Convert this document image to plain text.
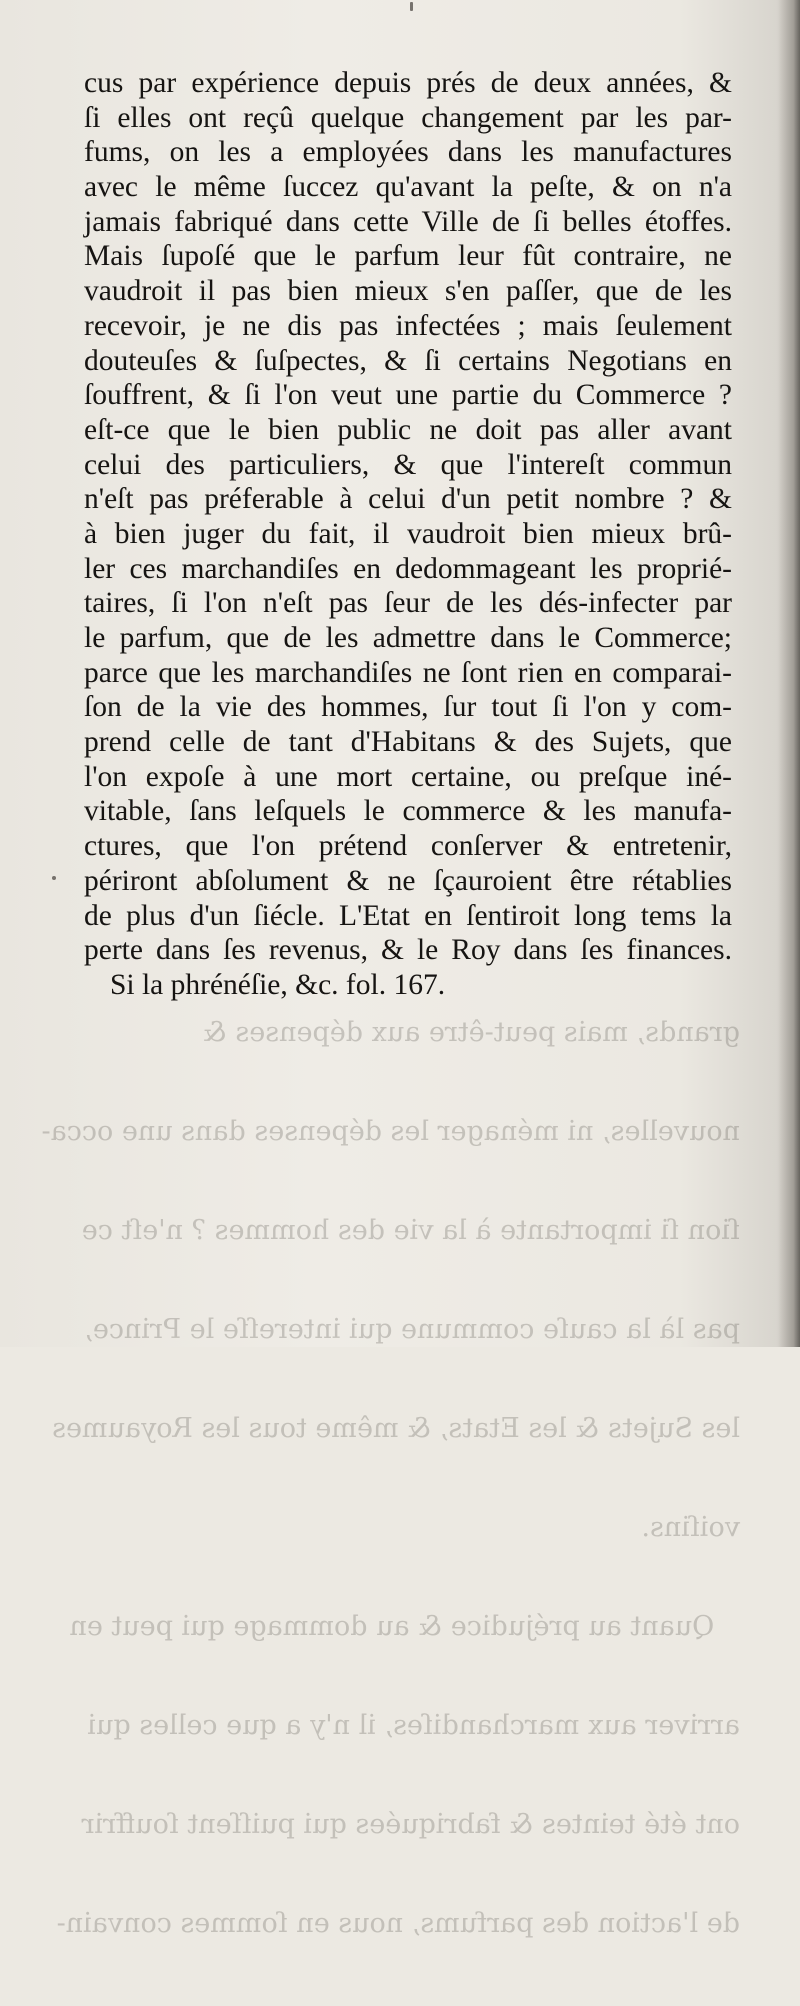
grands, mais peut-être aux dépenses &

nouvelles, ni ménager les dépenses dans une occa-

ſion ſi importante à la vie des hommes ? n'eſt ce

pas là la cauſe commune qui intereſſe le Prince,

les Sujets & les Etats, & même tous les Royaumes

voiſins.

Quant au préjudice & au dommage qui peut en

arriver aux marchandiſes, il n'y a que celles qui

ont été teintes & fabriquées qui puiſſent ſouffrir

de l'action des parfums, nous en ſommes convain-

cus par expérience depuis prés de deux années, &
ſi elles ont reçû quelque changement par les par-
fums, on les a employées dans les manufactures
avec le même ſuccez qu'avant la peſte, & on n'a
jamais fabriqué dans cette Ville de ſi belles étoffes.
Mais ſupoſé que le parfum leur fût contraire, ne
vaudroit il pas bien mieux s'en paſſer, que de les
recevoir, je ne dis pas infectées ; mais ſeulement
douteuſes & ſuſpectes, & ſi certains Negotians en
ſouffrent, & ſi l'on veut une partie du Commerce ?
eſt-ce que le bien public ne doit pas aller avant
celui des particuliers, & que l'intereſt commun
n'eſt pas préferable à celui d'un petit nombre ? &
à bien juger du fait, il vaudroit bien mieux brû-
ler ces marchandiſes en dedommageant les proprié-
taires, ſi l'on n'eſt pas ſeur de les dés-infecter par
le parfum, que de les admettre dans le Commerce;
parce que les marchandiſes ne ſont rien en comparai-
ſon de la vie des hommes, ſur tout ſi l'on y com-
prend celle de tant d'Habitans & des Sujets, que
l'on expoſe à une mort certaine, ou preſque iné-
vitable, ſans leſquels le commerce & les manufa-
ctures, que l'on prétend conſerver & entretenir,
périront abſolument & ne ſçauroient être rétablies
de plus d'un ſiécle. L'Etat en ſentiroit long tems la
perte dans ſes revenus, & le Roy dans ſes finances.
Si la phrénéſie, &c. fol. 167.
